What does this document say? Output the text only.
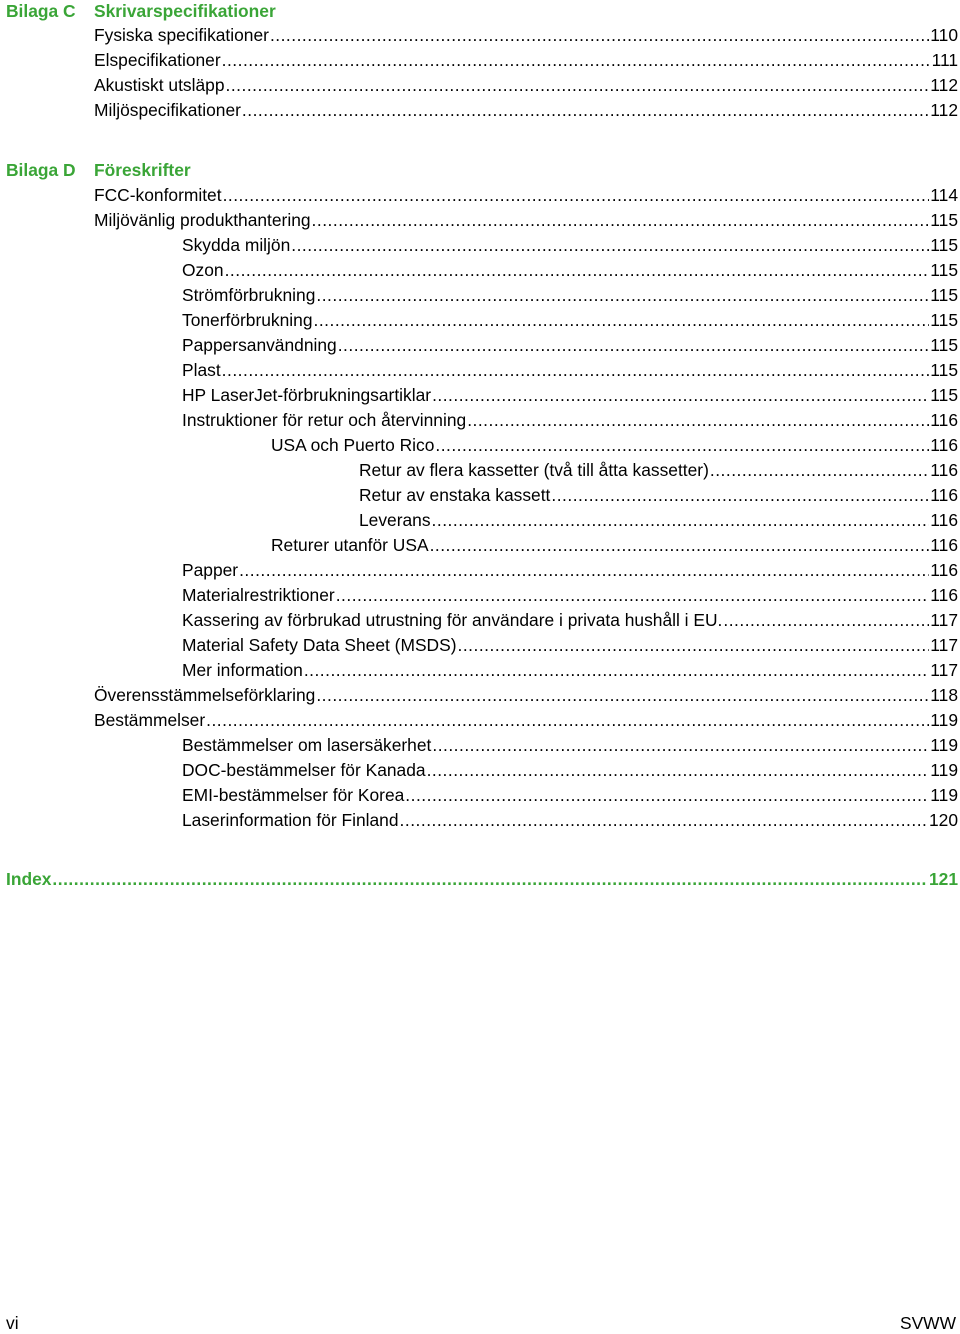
Bilaga C Skrivarspecifikationer
Fysiska specifikationer .....	110
Elspecifikationer .....	111
Akustiskt utsläpp .....	112
Miljöspecifikationer .....	112
Bilaga D Föreskrifter
FCC-konformitet .....	114
Miljövänlig produkthantering .....	115
Skydda miljön .....	115
Ozon .....	115
Strömförbrukning .....	115
Tonerförbrukning .....	115
Pappersanvändning .....	115
Plast .....	115
HP LaserJet-förbrukningsartiklar .....	115
Instruktioner för retur och återvinning .....	116
USA och Puerto Rico .....	116
Retur av flera kassetter (två till åtta kassetter) .....	116
Retur av enstaka kassett .....	116
Leverans .....	116
Returer utanför USA .....	116
Papper .....	116
Materialrestriktioner .....	116
Kassering av förbrukad utrustning för användare i privata hushåll i EU. .....	117
Material Safety Data Sheet (MSDS) .....	117
Mer information .....	117
Överensstämmelseförklaring .....	118
Bestämmelser .....	119
Bestämmelser om lasersäkerhet .....	119
DOC-bestämmelser för Kanada .....	119
EMI-bestämmelser för Korea .....	119
Laserinformation för Finland .....	120
Index .....	121
vi	SVWW
